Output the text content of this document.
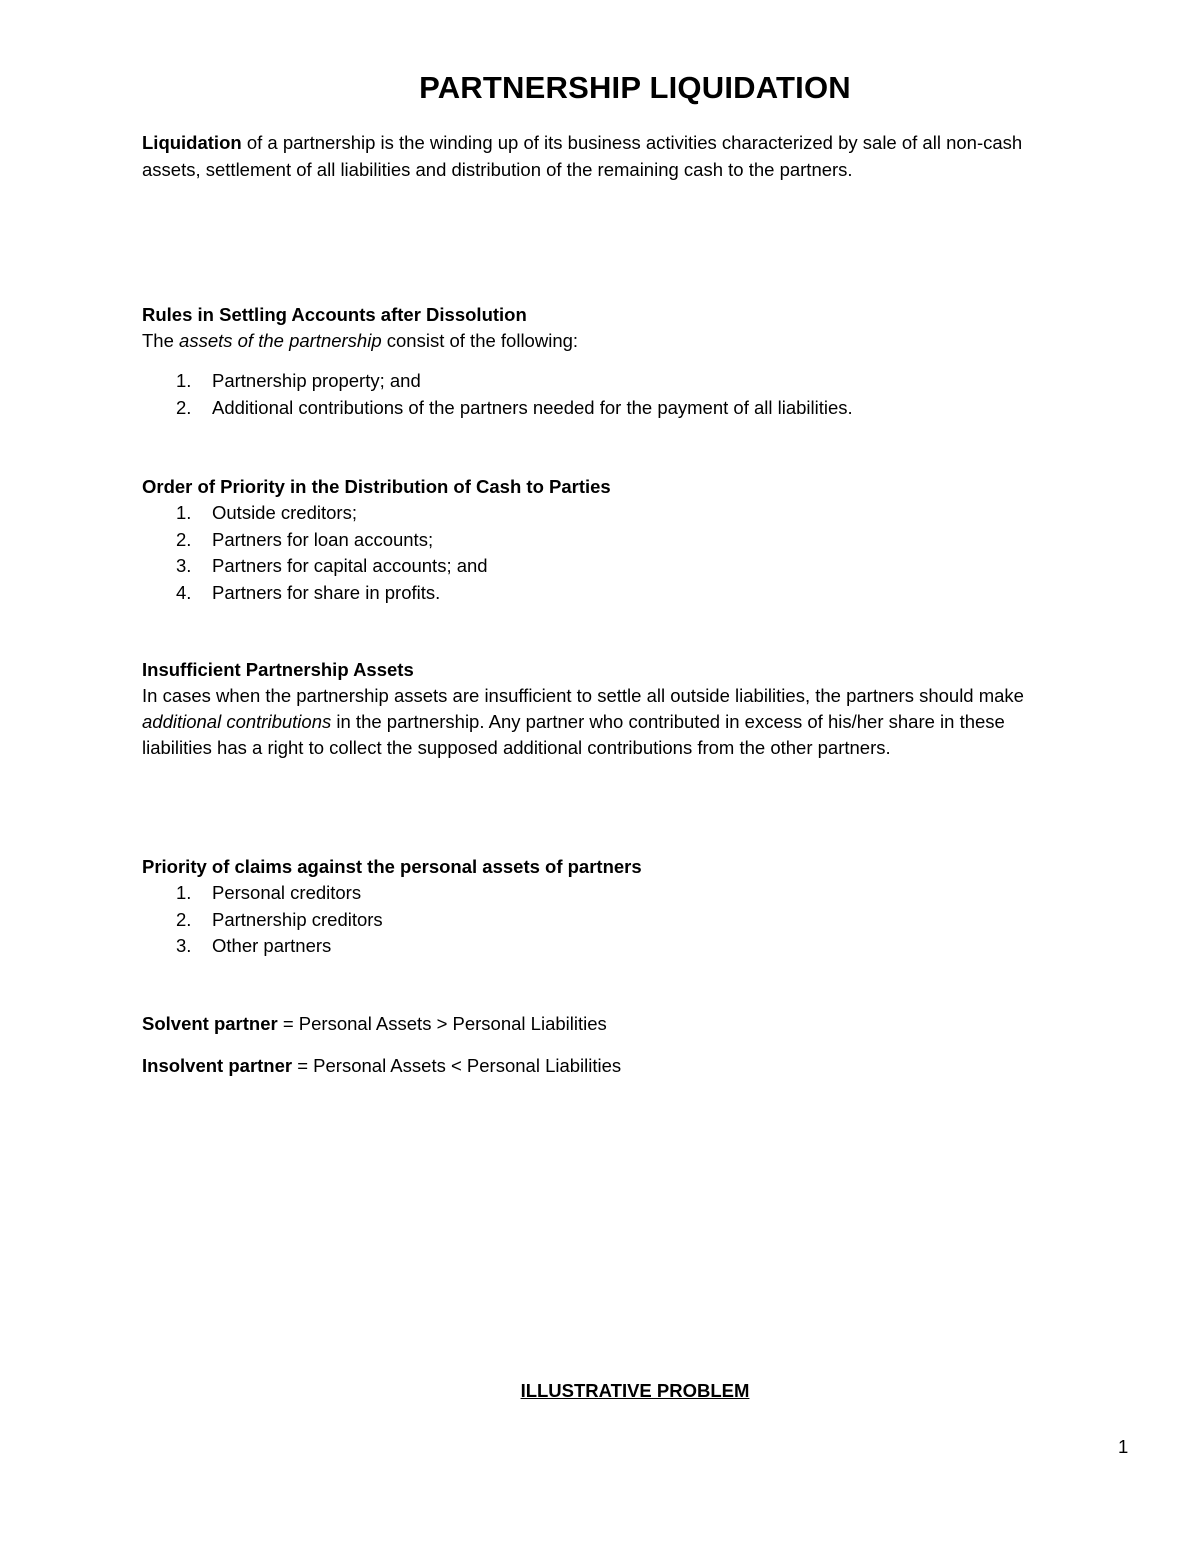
PARTNERSHIP LIQUIDATION

Liquidation of a partnership is the winding up of its business activities characterized by sale of all non-cash

assets, settlement of all liabilities and distribution of the remaining cash to the partners.

Rules in Settling Accounts after Dissolution

The assets of the partnership consist of the following:

1. Partnership property; and
2. Additional contributions of the partners needed for the payment of all liabilities.

Order of Priority in the Distribution of Cash to Parties

1. Outside creditors;
2. Partners for loan accounts;
3. Partners for capital accounts; and
4. Partners for share in profits.

Insufficient Partnership Assets

In cases when the partnership assets are insufficient to settle all outside liabilities, the partners should make

additional contributions in the partnership. Any partner who contributed in excess of his/her share in these

liabilities has a right to collect the supposed additional contributions from the other partners.

Priority of claims against the personal assets of partners

1. Personal creditors
2. Partnership creditors
3. Other partners

Solvent partner = Personal Assets > Personal Liabilities

Insolvent partner = Personal Assets < Personal Liabilities

ILLUSTRATIVE PROBLEM

1
